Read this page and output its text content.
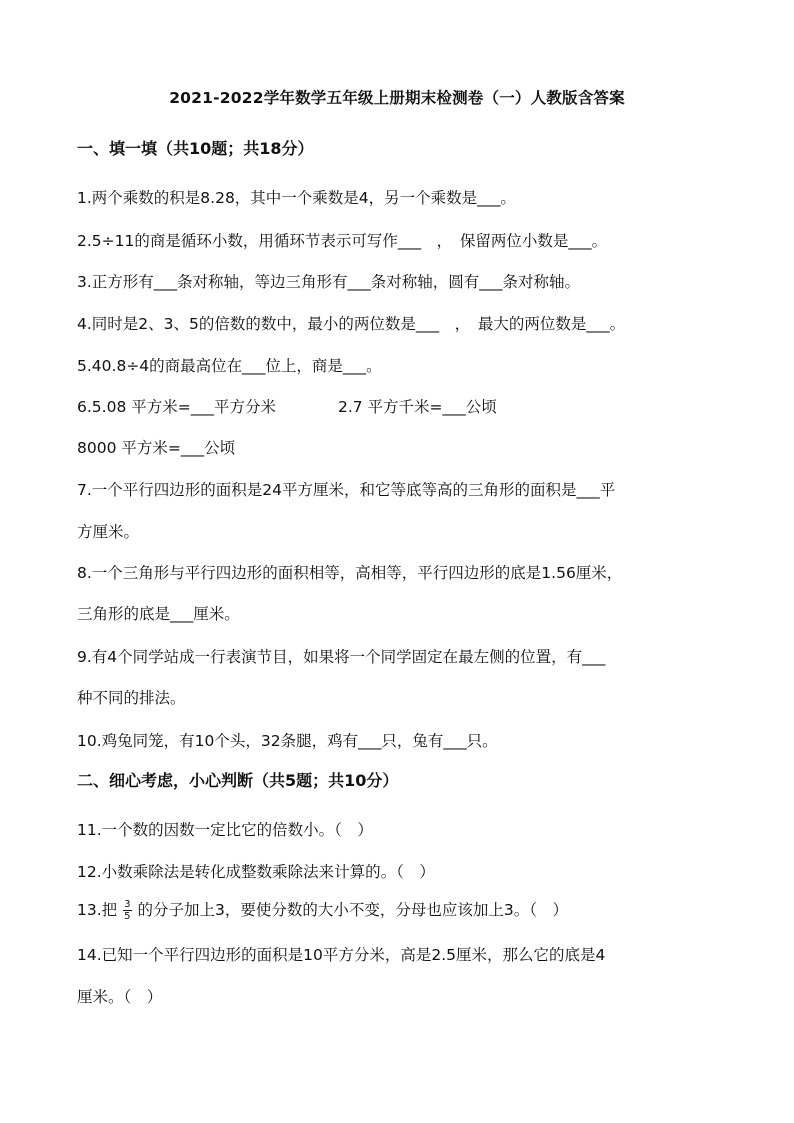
2021-2022学年数学五年级上册期末检测卷（一）人教版含答案
一、填一填（共10题；共18分）
1.两个乘数的积是8.28，其中一个乘数是4，另一个乘数是___。
2.5÷11的商是循环小数，用循环节表示可写作___　，　保留两位小数是___。
3.正方形有___条对称轴，等边三角形有___条对称轴，圆有___条对称轴。
4.同时是2、3、5的倍数的数中，最小的两位数是___　，　最大的两位数是___。
5.40.8÷4的商最高位在___位上，商是___。
6.5.08 平方米=___平方分米　　　　2.7 平方千米=___公顷
8000 平方米=___公顷
7.一个平行四边形的面积是24平方厘米，和它等底等高的三角形的面积是___平
方厘米。
8.一个三角形与平行四边形的面积相等，高相等，平行四边形的底是1.56厘米，
三角形的底是___厘米。
9.有4个同学站成一行表演节目，如果将一个同学固定在最左侧的位置，有___
种不同的排法。
10.鸡兔同笼，有10个头，32条腿，鸡有___只，兔有___只。
二、细心考虑，小心判断（共5题；共10分）
11.一个数的因数一定比它的倍数小。（　）
12.小数乘除法是转化成整数乘除法来计算的。（　）
13.把 $\frac{3}{5}$ 的分子加上3，要使分数的大小不变，分母也应该加上3。（　）
14.已知一个平行四边形的面积是10平方分米，高是2.5厘米，那么它的底是4
厘米。（　）
